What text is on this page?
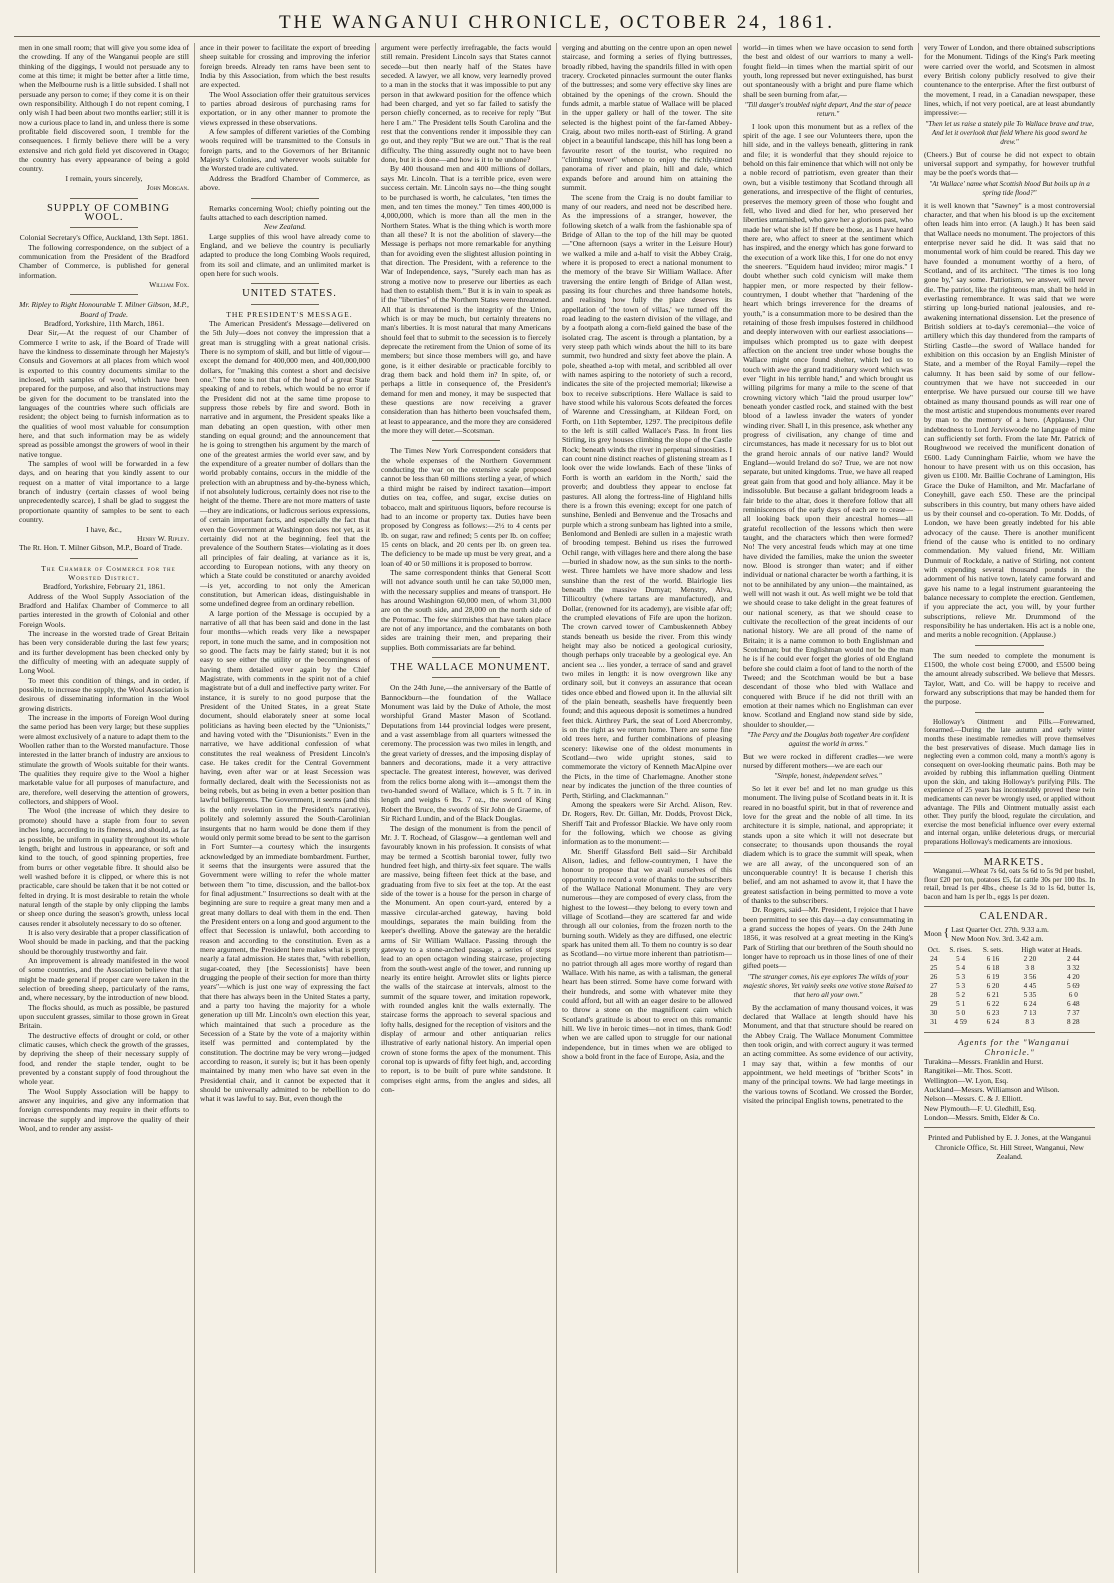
THE WANGANUI CHRONICLE, OCTOBER 24, 1861.

men in one small room; that will give you some idea of the crowding. If any of the Wanganui people are still thinking of the diggings, I would not persuade any to come at this time; it might be better after a little time, when the Melbourne rush is a little subsided. I shall not persuade any person to come; if they come it is on their own responsibility. Although I do not repent coming, I only wish I had been about two months earlier; still it is now a curious place to land in, and unless there is some profitable field discovered soon, I tremble for the consequences. I firmly believe there will be a very extensive and rich gold field yet discovered in Otago; the country has every appearance of being a gold country.

I remain, yours sincerely,

John Morgan.

SUPPLY OF COMBING WOOL.

Colonial Secretary's Office, Auckland, 13th Sept. 1861.

The following correspondence, on the subject of a communication from the President of the Bradford Chamber of Commerce, is published for general information.

William Fox.

Mr. Ripley to Right Honourable T. Milner Gibson, M.P., Board of Trade.

Bradford, Yorkshire, 11th March, 1861.

Dear Sir,—At the request of our Chamber of Commerce I write to ask, if the Board of Trade will have the kindness to disseminate through her Majesty's Consuls and Governors at all places from which wool is exported to this country documents similar to the inclosed, with samples of wool, which have been prepared for the purpose, and also that instructions may be given for the document to be translated into the languages of the countries where such officials are resident; the object being to furnish information as to the qualities of wool most valuable for consumption here, and that such information may be as widely spread as possible amongst the growers of wool in their native tongue.

The samples of wool will be forwarded in a few days, and on hearing that you kindly assent to our request on a matter of vital importance to a large branch of industry (certain classes of wool being unprecedentedly scarce), I shall be glad to suggest the proportionate quantity of samples to be sent to each country.

I have, &c.,

Henry W. Ripley.

The Rt. Hon. T. Milner Gibson, M.P., Board of Trade.

The Chamber of Commerce for the Worsted District.

Bradford, Yorkshire, February 21, 1861.

Address of the Wool Supply Association of the Bradford and Halifax Chamber of Commerce to all parties interested in the growth of Colonial and other Foreign Wools.

The increase in the worsted trade of Great Britain has been very considerable during the last few years; and its further development has been checked only by the difficulty of meeting with an adequate supply of Long Wool.

To meet this condition of things, and in order, if possible, to increase the supply, the Wool Association is desirous of disseminating information in the Wool growing districts.

The increase in the imports of Foreign Wool during the same period has been very large; but these supplies were almost exclusively of a nature to adapt them to the Woollen rather than to the Worsted manufacture. Those interested in the latter branch of industry are anxious to stimulate the growth of Wools suitable for their wants. The qualities they require give to the Wool a higher marketable value for all purposes of manufacture, and are, therefore, well deserving the attention of growers, collectors, and shippers of Wool.

The Wool (the increase of which they desire to promote) should have a staple from four to seven inches long, according to its fineness, and should, as far as possible, be uniform in quality throughout its whole length, bright and lustrous in appearance, or soft and kind to the touch, of good spinning properties, free from burrs or other vegetable fibre. It should also be well washed before it is clipped, or where this is not practicable, care should be taken that it be not cotted or felted in drying. It is most desirable to retain the whole natural length of the staple by only clipping the lambs or sheep once during the season's growth, unless local causes render it absolutely necessary to do so oftener.

It is also very desirable that a proper classification of Wool should be made in packing, and that the packing should be thoroughly trustworthy and fair.

An improvement is already manifested in the wool of some countries, and the Association believe that it might be made general if proper care were taken in the selection of breeding sheep, particularly of the rams, and, where necessary, by the introduction of new blood.

The flocks should, as much as possible, be pastured upon succulent grasses, similar to those grown in Great Britain.

The destructive effects of drought or cold, or other climatic causes, which check the growth of the grasses, by depriving the sheep of their necessary supply of food, and render the staple tender, ought to be prevented by a constant supply of food throughout the whole year.

The Wool Supply Association will be happy to answer any inquiries, and give any information that foreign correspondents may require in their efforts to increase the supply and improve the quality of their Wool, and to render any assist-

ance in their power to facilitate the export of breeding sheep suitable for crossing and improving the inferior foreign breeds. Already ten rams have been sent to India by this Association, from which the best results are expected.

The Wool Association offer their gratuitous services to parties abroad desirous of purchasing rams for exportation, or in any other manner to promote the views expressed in these observations.

A few samples of different varieties of the Combing wools required will be transmitted to the Consuls in foreign parts, and to the Governors of her Britannic Majesty's Colonies, and wherever wools suitable for the Worsted trade are cultivated.

Address the Bradford Chamber of Commerce, as above.

Remarks concerning Wool; chiefly pointing out the faults attached to each description named.

New Zealand.

Large supplies of this wool have already come to England, and we believe the country is peculiarly adapted to produce the long Combing Wools required, from its soil and climate, and an unlimited market is open here for such wools.

UNITED STATES.

THE PRESIDENT'S MESSAGE.

The American President's Message—delivered on the 5th July—does not convey the impression that a great man is struggling with a great national crisis. There is no symptom of skill, and but little of vigour—except the demand for 400,000 men, and 400,000,000 dollars, for "making this contest a short and decisive one." The tone is not that of the head of a great State speaking of and to rebels, which would be no error if the President did not at the same time propose to suppress those rebels by fire and sword. Both in narrative and in argument, the President speaks like a man debating an open question, with other men standing on equal ground; and the announcement that he is going to strengthen his argument by the march of one of the greatest armies the world ever saw, and by the expenditure of a greater number of dollars than the world probably contains, occurs in the middle of the prelection with an abruptness and by-the-byness which, if not absolutely ludicrous, certainly does not rise to the height of the theme. There are not more matters of taste—they are indications, or ludicrous serious expressions, of certain important facts, and especially the fact that even the Government at Washington does not yet, as it certainly did not at the beginning, feel that the prevalence of the Southern States—violating as it does all principles of fair dealing, at variance as it is, according to European notions, with any theory on which a State could be constituted or anarchy avoided—is yet, according to not only the American constitution, but American ideas, distinguishable in some undefined degree from an ordinary rebellion.

A large portion of the Message is occupied by a narrative of all that has been said and done in the last four months—which reads very like a newspaper report, in tone much the same, and in composition not so good. The facts may be fairly stated; but it is not easy to see either the utility or the becomingness of having them detailed over again by the Chief Magistrate, with comments in the spirit not of a chief magistrate but of a dull and ineffective party writer. For instance, it is surely to no good purpose that the President of the United States, in a great State document, should elaborately sneer at some local politicians as having been elected by the "Unionists," and having voted with the "Disunionists." Even in the narrative, we have additional confession of what constitutes the real weakness of President Lincoln's case. He takes credit for the Central Government having, even after war or at least Secession was formally declared, dealt with the Secessionists not as being rebels, but as being in even a better position than lawful belligerents. The Government, it seems (and this is the only revelation in the President's narrative), politely and solemnly assured the South-Carolinian insurgents that no harm would be done them if they would only permit some bread to be sent to the garrison in Fort Sumter—a courtesy which the insurgents acknowledged by an immediate bombardment. Further, it seems that the insurgents were assured that the Government were willing to refer the whole matter between them "to time, discussion, and the ballot-box for final adjustment." Insurrections so dealt with at the beginning are sure to require a great many men and a great many dollars to deal with them in the end. Then the President enters on a long and good argument to the effect that Secession is unlawful, both according to reason and according to the constitution. Even as a mere argument, the President here makes what is pretty nearly a fatal admission. He states that, "with rebellion, sugar-coated, they [the Secessionists] have been drugging the people of their section for more than thirty years"—which is just one way of expressing the fact that there has always been in the United States a party, and a party too having the majority for a whole generation up till Mr. Lincoln's own election this year, which maintained that such a procedure as the Secession of a State by the vote of a majority within itself was permitted and contemplated by the constitution. The doctrine may be very wrong—judged according to reason, it surely is; but it has been openly maintained by many men who have sat even in the Presidential chair, and it cannot be expected that it should be universally admitted to be rebellion to do what it was lawful to say. But, even though the

argument were perfectly irrefragable, the facts would still remain. President Lincoln says that States cannot secede—but then nearly half of the States have seceded. A lawyer, we all know, very learnedly proved to a man in the stocks that it was impossible to put any person in that awkward position for the offence which had been charged, and yet so far failed to satisfy the person chiefly concerned, as to receive for reply "But here I am." The President tells South Carolina and the rest that the conventions render it impossible they can go out, and they reply "But we are out." That is the real difficulty. The thing assuredly ought not to have been done, but it is done—and how is it to be undone?

By 400 thousand men and 400 millions of dollars, says Mr. Lincoln. That is a terrible price, even were success certain. Mr. Lincoln says no—the thing sought to be purchased is worth, he calculates, "ten times the men, and ten times the money." Ten times 400,000 is 4,000,000, which is more than all the men in the Northern States. What is the thing which is worth more than all these? It is not the abolition of slavery—the Message is perhaps not more remarkable for anything than for avoiding even the slightest allusion pointing in that direction. The President, with a reference to the War of Independence, says, "Surely each man has as strong a motive now to preserve our liberties as each had then to establish them." But it is in vain to speak as if the "liberties" of the Northern States were threatened. All that is threatened is the integrity of the Union, which is or may be much, but certainly threatens no man's liberties. It is most natural that many Americans should feel that to submit to the secession is to fiercely deprecate the retirement from the Union of some of its members; but since those members will go, and have gone, is it either desirable or practicable forcibly to drag them back and hold them in? In spite, of, or perhaps a little in consequence of, the President's demand for men and money, it may be suspected that these questions are now receiving a graver consideration than has hitherto been vouchsafed them, at least to appearance, and the more they are considered the more they will deter.—Scotsman.

The Times New York Correspondent considers that the whole expenses of the Northern Government conducting the war on the extensive scale proposed cannot be less than 60 millions sterling a year, of which a third might be raised by indirect taxation—import duties on tea, coffee, and sugar, excise duties on tobacco, malt and spirituous liquors, before recourse is had to an income or property tax. Duties have been proposed by Congress as follows:—2½ to 4 cents per lb. on sugar, raw and refined; 5 cents per lb. on coffee; 15 cents on black, and 20 cents per lb. on green tea. The deficiency to be made up must be very great, and a loan of 40 or 50 millions it is proposed to borrow.

The same correspondent thinks that General Scott will not advance south until he can take 50,000 men, with the necessary supplies and means of transport. He has around Washington 60,000 men, of whom 31,000 are on the south side, and 28,000 on the north side of the Potomac. The few skirmishes that have taken place are not of any importance, and the combatants on both sides are training their men, and preparing their supplies. Both commissariats are far behind.

THE WALLACE MONUMENT.

On the 24th June,—the anniversary of the Battle of Bannockburn—the foundation of the Wallace Monument was laid by the Duke of Athole, the most worshipful Grand Master Mason of Scotland. Deputations from 144 provincial lodges were present, and a vast assemblage from all quarters witnessed the ceremony. The procession was two miles in length, and the great variety of dresses, and the imposing display of banners and decorations, made it a very attractive spectacle. The greatest interest, however, was derived from the relics borne along with it—amongst them the two-handed sword of Wallace, which is 5 ft. 7 in. in length and weighs 6 lbs. 7 oz., the sword of King Robert the Bruce, the swords of Sir John de Graeme, of Sir Richard Lundin, and of the Black Douglas.

The design of the monument is from the pencil of Mr. J. T. Rochead, of Glasgow—a gentleman well and favourably known in his profession. It consists of what may be termed a Scottish baronial tower, fully two hundred feet high, and thirty-six feet square. The walls are massive, being fifteen feet thick at the base, and graduating from five to six feet at the top. At the east side of the tower is a house for the person in charge of the Monument. An open court-yard, entered by a massive circular-arched gateway, having bold mouldings, separates the main building from the keeper's dwelling. Above the gateway are the heraldic arms of Sir William Wallace. Passing through the gateway to a stone-arched passage, a series of steps lead to an open octagon winding staircase, projecting from the south-west angle of the tower, and running up nearly its entire height. Arrowlet slits or lights pierce the walls of the staircase at intervals, almost to the summit of the square tower, and imitation ropework, with rounded angles knit the walls externally. The staircase forms the approach to several spacious and lofty halls, designed for the reception of visitors and the display of armour and other antiquarian relics illustrative of early national history. An imperial open crown of stone forms the apex of the monument. This coronal top is upwards of fifty feet high, and, according to report, is to be built of pure white sandstone. It comprises eight arms, from the angles and sides, all con-

verging and abutting on the centre upon an open newel staircase, and forming a series of flying buttresses, broadly ribbed, having the spandrils filled in with open tracery. Crocketed pinnacles surmount the outer flanks of the buttresses; and some very effective sky lines are obtained by the openings of the crown. Should the funds admit, a marble statue of Wallace will be placed in the upper gallery or hall of the tower. The site selected is the highest point of the far-famed Abbey-Craig, about two miles north-east of Stirling. A grand object in a beautiful landscape, this hill has long been a favourite resort of the tourist, who required no "climbing tower" whence to enjoy the richly-tinted panorama of river and plain, hill and dale, which expands before and around him on attaining the summit.

The scene from the Craig is no doubt familiar to many of our readers, and need not be described here. As the impressions of a stranger, however, the following sketch of a walk from the fashionable spa of Bridge of Allan to the top of the hill may be quoted—"One afternoon (says a writer in the Leisure Hour) we walked a mile and a-half to visit the Abbey Craig, where it is proposed to erect a national monument to the memory of the brave Sir William Wallace. After traversing the entire length of Bridge of Allan west, passing its four churches and three handsome hotels, and realising how fully the place deserves its appellation of 'the town of villas,' we turned off the road leading to the eastern division of the village, and by a footpath along a corn-field gained the base of the isolated crag. The ascent is through a plantation, by a very steep path which winds about the hill to its bare summit, two hundred and sixty feet above the plain. A pole, sheathed a-top with metal, and scribbled all over with names aspiring to the notoriety of such a record, indicates the site of the projected memorial; likewise a box to receive subscriptions. Here Wallace is said to have stood while his valorous Scots defeated the forces of Warenne and Cressingham, at Kildean Ford, on Forth, on 11th September, 1297. The precipitous defile to the left is still called Wallace's Pass. In front lies Stirling, its grey houses climbing the slope of the Castle Rock; beneath winds the river in perpetual sinuosities. I can count nine distinct reaches of glistening stream as I look over the wide lowlands. Each of these 'links of Forth is worth an earldom in the North,' said the proverb; and doubtless they appear to enclose fat pastures. All along the fortress-line of Highland hills there is a frown this evening; except for one patch of sunshine, Benledi and Benvenue and the Trosachs and purple which a strong sunbeam has lighted into a smile, Benlomond and Benledi are sullen in a majestic wrath of brooding tempest. Behind us rises the furrowed Ochil range, with villages here and there along the base—buried in shadow now, as the sun sinks to the north-west. Three hamlets we have more shadow and less sunshine than the rest of the world. Blairlogie lies beneath the massive Dumyat; Menstry, Alva, Tillicoultry (where tartans are manufactured), and Dollar, (renowned for its academy), are visible afar off; the crumpled elevations of Fife are upon the horizon. The crown carved tower of Cambuskenneth Abbey stands beneath us beside the river. From this windy height may also be noticed a geological curiosity, though perhaps only traceable by a geological eye. An ancient sea ... lies yonder, a terrace of sand and gravel two miles in length: it is now overgrown like any ordinary soil, but it conveys an assurance that ocean tides once ebbed and flowed upon it. In the alluvial silt of the plain beneath, seashells have frequently been found; and this aqueous deposit is sometimes a hundred feet thick. Airthrey Park, the seat of Lord Abercromby, is on the right as we return home. There are some fine old trees here, and further combinations of pleasing scenery: likewise one of the oldest monuments in Scotland—two wide upright stones, said to commemorate the victory of Kenneth MacAlpine over the Picts, in the time of Charlemagne. Another stone near by indicates the junction of the three counties of Perth, Stirling, and Clackmannan."

Among the speakers were Sir Archd. Alison, Rev. Dr. Rogers, Rev. Dr. Gillan, Mr. Dodds, Provost Dick, Sheriff Tait and Professor Blackie. We have only room for the following, which we choose as giving information as to the monument:—

Mr. Sheriff Glassford Bell said—Sir Archibald Alison, ladies, and fellow-countrymen, I have the honour to propose that we avail ourselves of this opportunity to record a vote of thanks to the subscribers of the Wallace National Monument. They are very numerous—they are composed of every class, from the highest to the lowest—they belong to every town and village of Scotland—they are scattered far and wide through all our colonies, from the frozen north to the burning south. Widely as they are diffused, one electric spark has united them all. To them no country is so dear as Scotland—no virtue more inherent than patriotism—no patriot through all ages more worthy of regard than Wallace. With his name, as with a talisman, the general heart has been stirred. Some have come forward with their hundreds, and some with whatever mite they could afford, but all with an eager desire to be allowed to throw a stone on the magnificent cairn which Scotland's gratitude is about to erect on this romantic hill. We live in heroic times—not in times, thank God! when we are called upon to struggle for our national independence, but in times when we are obliged to show a bold front in the face of Europe, Asia, and the

world—in times when we have occasion to send forth the best and oldest of our warriors to many a well-fought field—in times when the martial spirit of our youth, long repressed but never extinguished, has burst out spontaneously with a bright and pure flame which shall be seen burning from afar,—

"Till danger's troubled night depart, And the star of peace return."

I look upon this monument but as a reflex of the spirit of the age. I see our Volunteers there, upon the hill side, and in the valleys beneath, glittering in rank and file; it is wonderful that they should rejoice to behold on this fair eminence that which will not only be a noble record of patriotism, even greater than their own, but a visible testimony that Scotland through all generations, and irrespective of the flight of centuries, preserves the memory green of those who fought and fell, who lived and died for her, who preserved her liberties untarnished, who gave her a glorious past, who made her what she is! If there be those, as I have heard there are, who affect to sneer at the sentiment which has inspired, and the energy which has gone forward to the execution of a work like this, I for one do not envy the sneerers. "Equidem haud invideo; miror magis." I doubt whether such cold cynicism will make them happier men, or more respected by their fellow-countrymen, I doubt whether that "hardening of the heart which brings irreverence for the dreams of youth," is a consummation more to be desired than the retaining of those fresh impulses fostered in childhood and deeply interwoven with our earliest associations—impulses which prompted us to gaze with deepest affection on the ancient tree under whose boughs the Wallace might once found shelter, which led us to touch with awe the grand traditionary sword which was ever "light in his terrible hand," and which brought us willing pilgrims for many a mile to the scene of that crowning victory which "laid the proud usurper low" beneath yonder castled rock, and stained with the best blood of a lawless invader the waters of yonder winding river. Shall I, in this presence, ask whether any progress of civilisation, any change of time and circumstances, has made it necessary for us to blot out the grand heroic annals of our native land? Would England—would Ireland do so? True, we are not now separate, but united kingdoms. True, we have all reaped great gain from that good and holy alliance. May it be indissoluble. But because a gallant bridegroom leads a fair bride to the altar, does it therefore follow that all reminiscences of the early days of each are to cease—all looking back upon their ancestral homes—all grateful recollection of the lessons which then were taught, and the characters which then were formed? No! The very ancestral feuds which may at one time have divided the families, make the union the sweeter now. Blood is stronger than water; and if either individual or national character be worth a farthing, it is not to be annihilated by any union—the maintained, as well will not wash it out. As well might we be told that we should cease to take delight in the great features of our national scenery, as that we should cease to cultivate the recollection of the great incidents of our national history. We are all proud of the name of Britain; it is a name common to both Englishman and Scotchman; but the Englishman would not be the man he is if he could ever forget the glories of old England before she could claim a foot of land to the north of the Tweed; and the Scotchman would be but a base descendant of those who bled with Wallace and conquered with Bruce if he did not thrill with an emotion at their names which no Englishman can ever know. Scotland and England now stand side by side, shoulder to shoulder,—

"The Percy and the Douglas both together Are confident against the world in arms."

But we were rocked in different cradles—we were nursed by different mothers—we are each our

"Simple, honest, independent selves."

So let it ever be! and let no man grudge us this monument. The living pulse of Scotland beats in it. It is reared in no boastful spirit, but in that of reverence and love for the great and the noble of all time. In its architecture it is simple, national, and appropriate; it stands upon a site which it will not desecrate but consecrate; to thousands upon thousands the royal diadem which is to grace the summit will speak, when we are all away, of the unconquered son of an unconquerable country! It is because I cherish this belief, and am not ashamed to avow it, that I have the greatest satisfaction in being permitted to move a vote of thanks to the subscribers.

Dr. Rogers, said—Mr. President, I rejoice that I have been permitted to see this day—a day consummating in a grand success the hopes of years. On the 24th June 1856, it was resolved at a great meeting in the King's Park of Stirling that our brethren of the South should no longer have to reproach us in those lines of one of their gifted poets—

"The stranger comes, his eye explores The wilds of your majestic shores, Yet vainly seeks one votive stone Raised to that hero all your own."

By the acclamation of many thousand voices, it was declared that Wallace at length should have his Monument, and that that structure should be reared on the Abbey Craig. The Wallace Monument Committee then took origin, and with correct augury it was termed an acting committee. As some evidence of our activity, I may say that, within a few months of our appointment, we held meetings of "brither Scots" in many of the principal towns. We had large meetings in the various towns of Scotland. We crossed the Border, visited the principal English towns, penetrated to the

very Tower of London, and there obtained subscriptions for the Monument. Tidings of the King's Park meeting were carried over the world, and Scotsmen in almost every British colony publicly resolved to give their countenance to the enterprise. After the first outburst of the movement, I read, in a Canadian newspaper, these lines, which, if not very poetical, are at least abundantly impressive:—

"Then let us raise a stately pile To Wallace brave and true, And let it overlook that field Where his good sword he drew."

(Cheers.) But of course he did not expect to obtain universal support and sympathy, for however truthful may be the poet's words that—

"At Wallace' name what Scottish blood But boils up in a spring tide flood?"

it is well known that "Sawney" is a most controversial character, and that when his blood is up the excitement often leads him into error. (A laugh.) It has been said that Wallace needs no monument. The projectors of this enterprise never said he did. It was said that no monumental work of him could be reared. This day we have founded a monument worthy of a hero, of Scotland, and of its architect. "The times is too long gone by," say some. Patriotism, we answer, will never die. The patriot, like the righteous man, shall be held in everlasting remembrance. It was said that we were stirring up long-buried national jealousies, and re-awakening international dissension. Let the presence of British soldiers at to-day's ceremonial—the voice of artillery which this day thundered from the ramparts of Stirling Castle—the sword of Wallace handed for exhibition on this occasion by an English Minister of State, and a member of the Royal Family—repel the calumny. It has been said by some of our fellow-countrymen that we have not succeeded in our enterprise. We have pursued our course till we have obtained as many thousand pounds as will rear one of the most artistic and stupendous monuments ever reared by man to the memory of a hero. (Applause.) Our indebtedness to Lord Jerviswoode no language of mine can sufficiently set forth. From the late Mr. Patrick of Roughwood we received the munificent donation of £600. Lady Cunningham Fairlie, whom we have the honour to have present with us on this occasion, has given us £100. Mr. Baillie Cochrane of Lamington, His Grace the Duke of Hamilton, and Mr. Macfarlane of Coneyhill, gave each £50. These are the principal subscribers in this country, but many others have aided us by their counsel and co-operation. To Mr. Dodds, of London, we have been greatly indebted for his able advocacy of the cause. There is another munificent friend of the cause who is entitled to no ordinary commendation. My valued friend, Mr. William Dunmuir of Rockdale, a native of Stirling, not content with expending several thousand pounds in the adornment of his native town, lately came forward and gave his name to a legal instrument guaranteeing the balance necessary to complete the erection. Gentlemen, if you appreciate the act, you will, by your further subscriptions, relieve Mr. Drummond of the responsibility he has undertaken. His act is a noble one, and merits a noble recognition. (Applause.)

The sum needed to complete the monument is £1500, the whole cost being £7000, and £5500 being the amount already subscribed. We believe that Messrs. Taylor, Watt, and Co. will be happy to receive and forward any subscriptions that may be handed them for the purpose.

Holloway's Ointment and Pills.—Forewarned, forearmed.—During the late autumn and early winter months these inestimable remedies will prove themselves the best preservatives of disease. Much damage lies in neglecting even a common cold, many a month's agony is consequent on over-looking rheumatic pains. Both may be avoided by rubbing this inflammation quelling Ointment upon the skin, and taking Holloway's purifying Pills. The experience of 25 years has incontestably proved these twin medicaments can never be wrongly used, or applied without advantage. The Pills and Ointment mutually assist each other. They purify the blood, regulate the circulation, and exercise the most beneficial influence over every external and internal organ, unlike deleterious drugs, or mercurial preparations Holloway's medicaments are innoxious.

MARKETS.

Wanganui.—Wheat 7s 6d, oats 5s 6d to 5s 9d per bushel, flour £20 per ton, potatoes £5, fat cattle 30s per 100 lbs. In retail, bread 1s per 4lbs., cheese 1s 3d to 1s 6d, butter 1s, bacon and ham 1s per lb., eggs 1s per dozen.

CALENDAR.

Moon { Last Quarter Oct. 27th. 9.33 a.m.
New Moon Nov. 3rd. 3.42 a.m.
Oct.	S. rises.	S. sets.	High water at Heads.	
24	5 4	6 16	2 20	2 44
25	5 4	6 18	3 8	3 32
26	5 3	6 19	3 56	4 20
27	5 3	6 20	4 45	5 69
28	5 2	6 21	5 35	6 0
29	5 1	6 22	6 24	6 48
30	5 0	6 23	7 13	7 37
31	4 59	6 24	8 3	8 28

Agents for the "Wanganui Chronicle."

Turakina—Messrs. Franklin and Hurst.

Rangitikei—Mr. Thos. Scott.

Wellington—W. Lyon, Esq.

Auckland—Messrs. Williamson and Wilson.

Nelson—Messrs. C. & J. Elliott.

New Plymouth—F. U. Gledhill, Esq.

London—Messrs. Smith, Elder & Co.

Printed and Published by E. J. Jones, at the Wanganui Chronicle Office, St. Hill Street, Wanganui, New Zealand.
